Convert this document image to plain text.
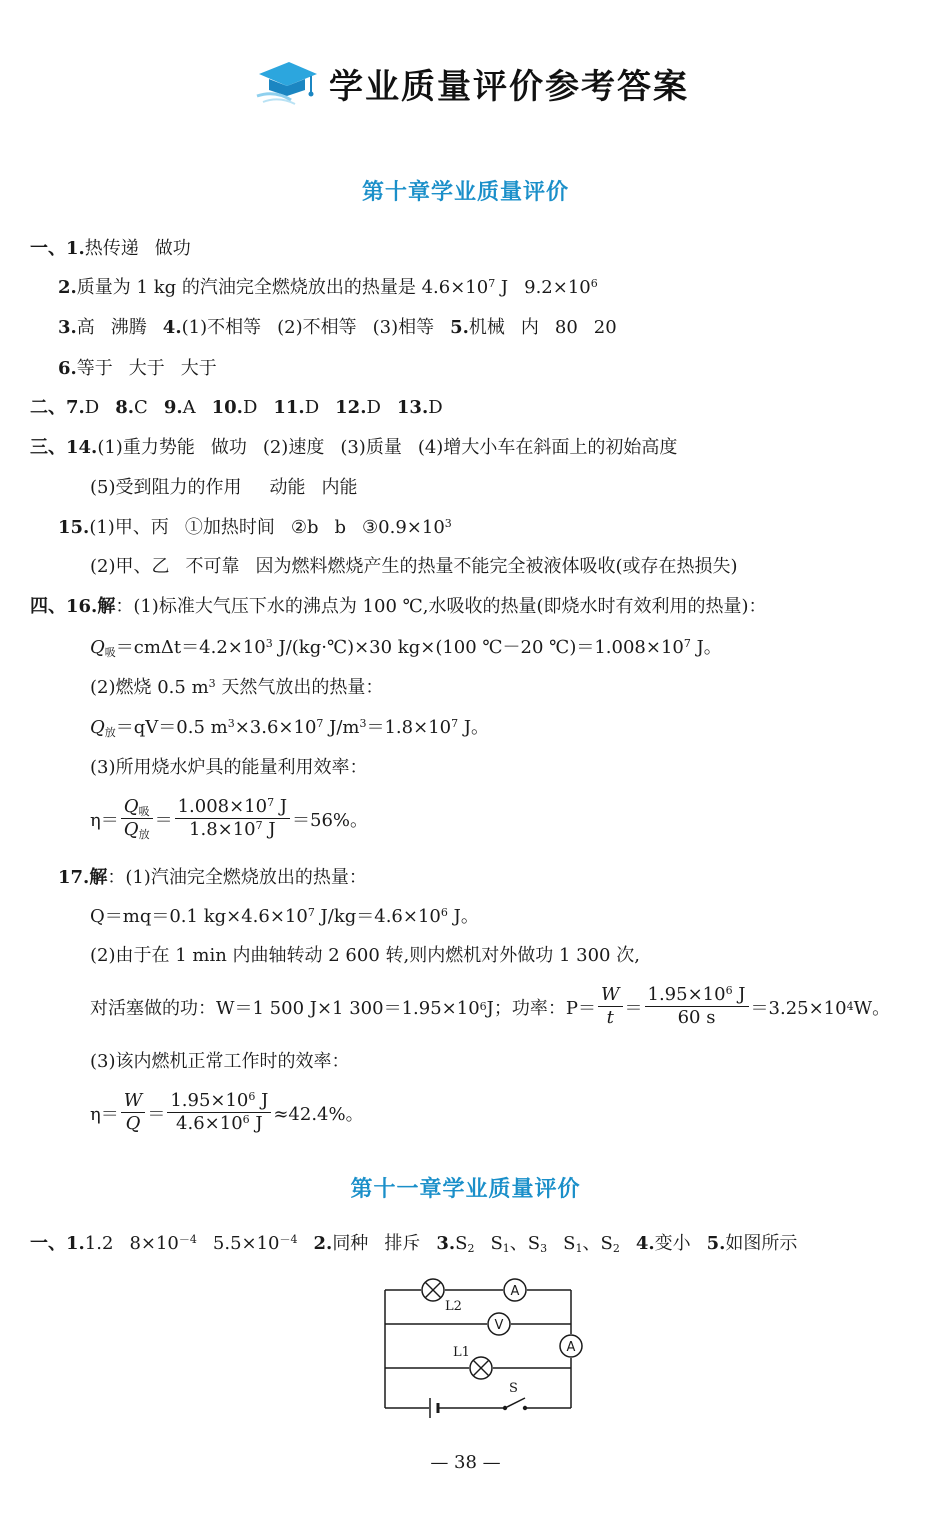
学业质量评价参考答案
第十章学业质量评价
一、1.热传递 做功
2.质量为 1 kg 的汽油完全燃烧放出的热量是 $4.6\times 10^7$ J $9.2\times 10^6$
3.高 沸腾 4.(1)不相等 (2)不相等 (3)相等 5.机械 内 80 20
6.等于 大于 大于
二、7.D 8.C 9.A 10.D 11.D 12.D 13.D
三、14.(1)重力势能 做功 (2)速度 (3)质量 (4)增大小车在斜面上的初始高度
(5)受到阻力的作用 动能 内能
15.(1)甲、丙 ①加热时间 ②b b $③0.9\times 10^3$
(2)甲、乙 不可靠 因为燃料燃烧产生的热量不能完全被液体吸收(或存在热损失)
四、16.解：(1)标准大气压下水的沸点为 100 ℃,水吸收的热量(即烧水时有效利用的热量)：
$Q_吸=cm\Delta t=4.2\times 10^3$ J/(kg·℃)×30 kg×(100 ℃－20 $℃)=1.008\times 10^7$ J。
(2)燃烧 0.5 $m^3$ 天然气放出的热量：
$Q_放=qV=0.5$ $m^3\times 3.6\times 10^7$ $J/m^3=1.8\times 10^7$ J。
(3)所用烧水炉具的能量利用效率：
$\eta= \frac{Q_吸}{Q_放} = \frac{1.008\times 10^7 J}{1.8\times 10^7 J} =56\%$。
17.解：(1)汽油完全燃烧放出的热量：
Q＝mq＝0.1 $kg\times 4.6\times 10^7$ $J/kg=4.6\times 10^6$ J。
(2)由于在 1 min 内曲轴转动 2 600 转,则内燃机对外做功 1 300 次,
对活塞做的功：W＝1 500 J×1 300＝1.95×10 6 J；功率：$P= \frac{W}{t} = \frac{1.95\times 10^6 J}{60 s} =3.25\times 10$ 4 W。
(3)该内燃机正常工作时的效率：
$\eta= \frac{W}{Q} = \frac{1.95\times 10^6 J}{4.6\times 10^6 J} \approx 42.4\%$。
第十一章学业质量评价
一、1.1.2 $8\times 10^{-4}$ $5.5\times 10^{-4}$ 2.同种 排斥 $3.S_2$ $S_1$、$S_3$ $S_1$、$S_2$ 4.变小 5.如图所示
L2
A
V
A
L1
S
— 38 —
